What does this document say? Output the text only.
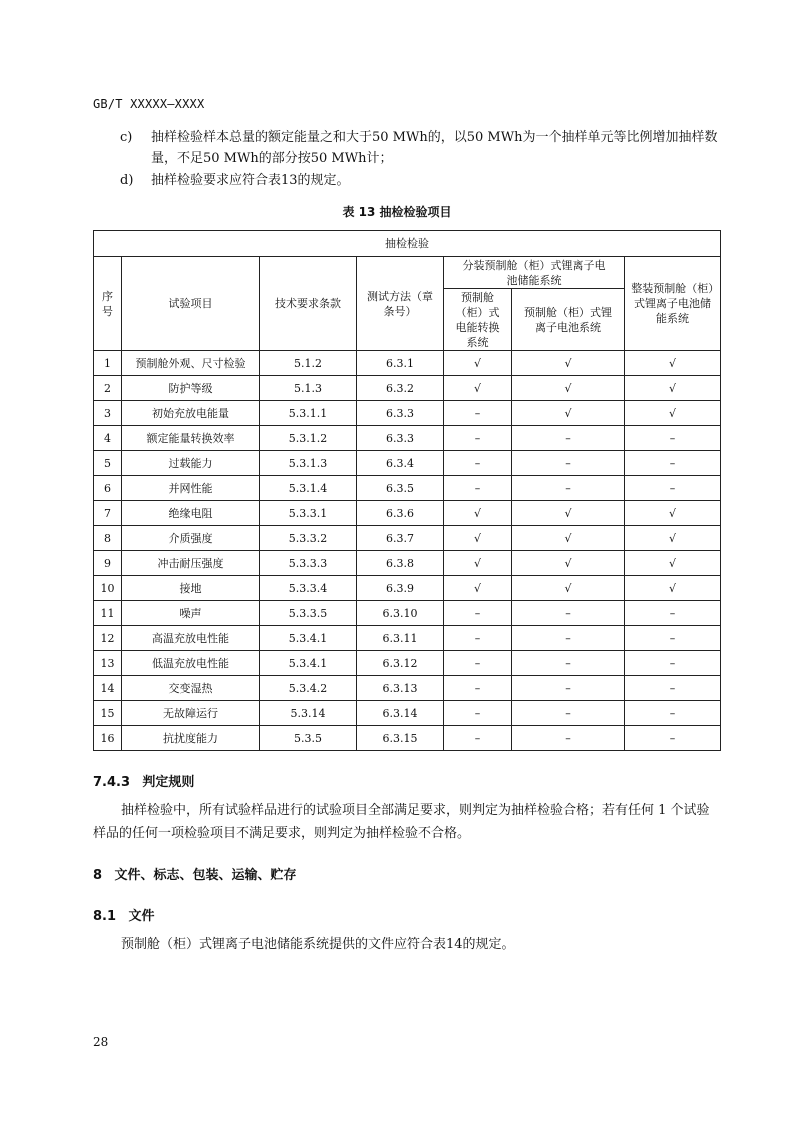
GB/T XXXXX—XXXX
c) 抽样检验样本总量的额定能量之和大于50 MWh的，以50 MWh为一个抽样单元等比例增加抽样数量，不足50 MWh的部分按50 MWh计；
d) 抽样检验要求应符合表13的规定。
表 13 抽检检验项目
抽检检验						
序号	试验项目	技术要求条款	测试方法（章条号）	分装预制舱（柜）式锂离子电池储能系统		整装预制舱（柜）式锂离子电池储能系统
				预制舱（柜）式电能转换系统	预制舱（柜）式锂离子电池系统	
1	预制舱外观、尺寸检验	5.1.2	6.3.1	√	√	√
2	防护等级	5.1.3	6.3.2	√	√	√
3	初始充放电能量	5.3.1.1	6.3.3	–	√	√
4	额定能量转换效率	5.3.1.2	6.3.3	–	–	–
5	过载能力	5.3.1.3	6.3.4	–	–	–
6	并网性能	5.3.1.4	6.3.5	–	–	–
7	绝缘电阻	5.3.3.1	6.3.6	√	√	√
8	介质强度	5.3.3.2	6.3.7	√	√	√
9	冲击耐压强度	5.3.3.3	6.3.8	√	√	√
10	接地	5.3.3.4	6.3.9	√	√	√
11	噪声	5.3.3.5	6.3.10	–	–	–
12	高温充放电性能	5.3.4.1	6.3.11	–	–	–
13	低温充放电性能	5.3.4.1	6.3.12	–	–	–
14	交变湿热	5.3.4.2	6.3.13	–	–	–
15	无故障运行	5.3.14	6.3.14	–	–	–
16	抗扰度能力	5.3.5	6.3.15	–	–	–
7.4.3 判定规则
抽样检验中，所有试验样品进行的试验项目全部满足要求，则判定为抽样检验合格；若有任何 1 个试验样品的任何一项检验项目不满足要求，则判定为抽样检验不合格。
8 文件、标志、包装、运输、贮存
8.1 文件
预制舱（柜）式锂离子电池储能系统提供的文件应符合表14的规定。
28
